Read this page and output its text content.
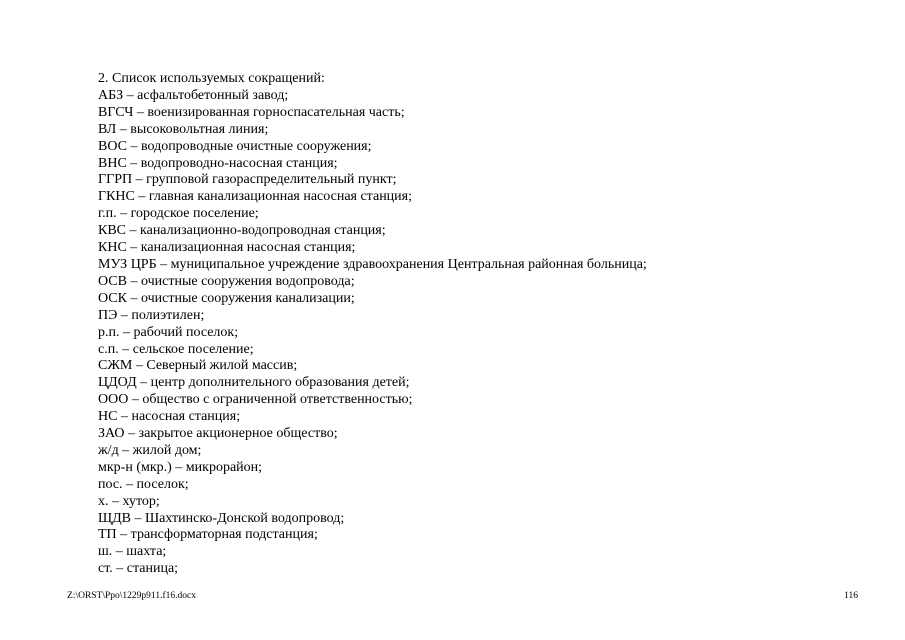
2. Список используемых сокращений:

АБЗ – асфальтобетонный завод;

ВГСЧ – военизированная горноспасательная часть;

ВЛ – высоковольтная линия;

ВОС – водопроводные очистные сооружения;

ВНС – водопроводно-насосная станция;

ГГРП – групповой газораспределительный пункт;

ГКНС – главная канализационная насосная станция;

г.п. – городское поселение;

КВС – канализационно-водопроводная станция;

КНС – канализационная насосная станция;

МУЗ ЦРБ – муниципальное учреждение здравоохранения Центральная районная больница;

ОСВ – очистные сооружения водопровода;

ОСК – очистные сооружения канализации;

ПЭ – полиэтилен;

р.п. – рабочий поселок;

с.п. – сельское поселение;

СЖМ – Северный жилой массив;

ЦДОД – центр дополнительного образования детей;

ООО – общество с ограниченной ответственностью;

НС – насосная станция;

ЗАО – закрытое акционерное общество;

ж/д – жилой дом;

мкр-н (мкр.) – микрорайон;

пос. – поселок;

х. – хутор;

ЩДВ – Шахтинско-Донской водопровод;

ТП – трансформаторная подстанция;

ш. – шахта;

ст. – станица;

Z:\ORST\Ppo\1229p911.f16.docx	116
